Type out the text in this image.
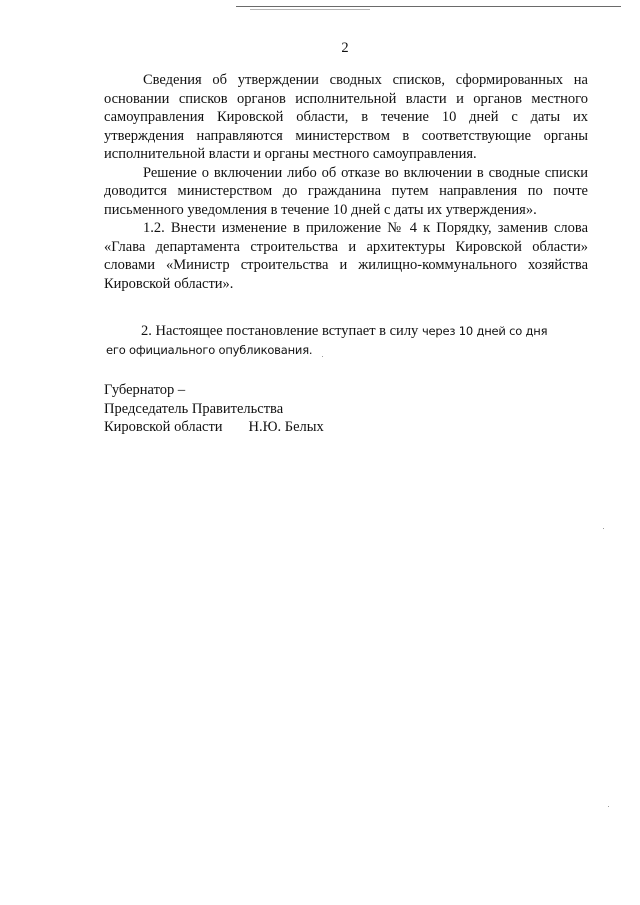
2

Сведения об утверждении сводных списков, сформированных на основании списков органов исполнительной власти и органов местного самоуправления Кировской области, в течение 10 дней с даты их утверждения направляются министерством в соответствующие органы исполнительной власти и органы местного самоуправления.

Решение о включении либо об отказе во включении в сводные списки доводится министерством до гражданина путем направления по почте письменного уведомления в течение 10 дней с даты их утверждения».

1.2. Внести изменение в приложение № 4 к Порядку, заменив слова «Глава департамента строительства и архитектуры Кировской области» словами «Министр строительства и жилищно-коммунального хозяйства Кировской области».

2. Настоящее постановление вступает в силу через 10 дней со дня
его официального опубликования.
Губернатор –
Председатель Правительства
Кировской области Н.Ю. Белых
